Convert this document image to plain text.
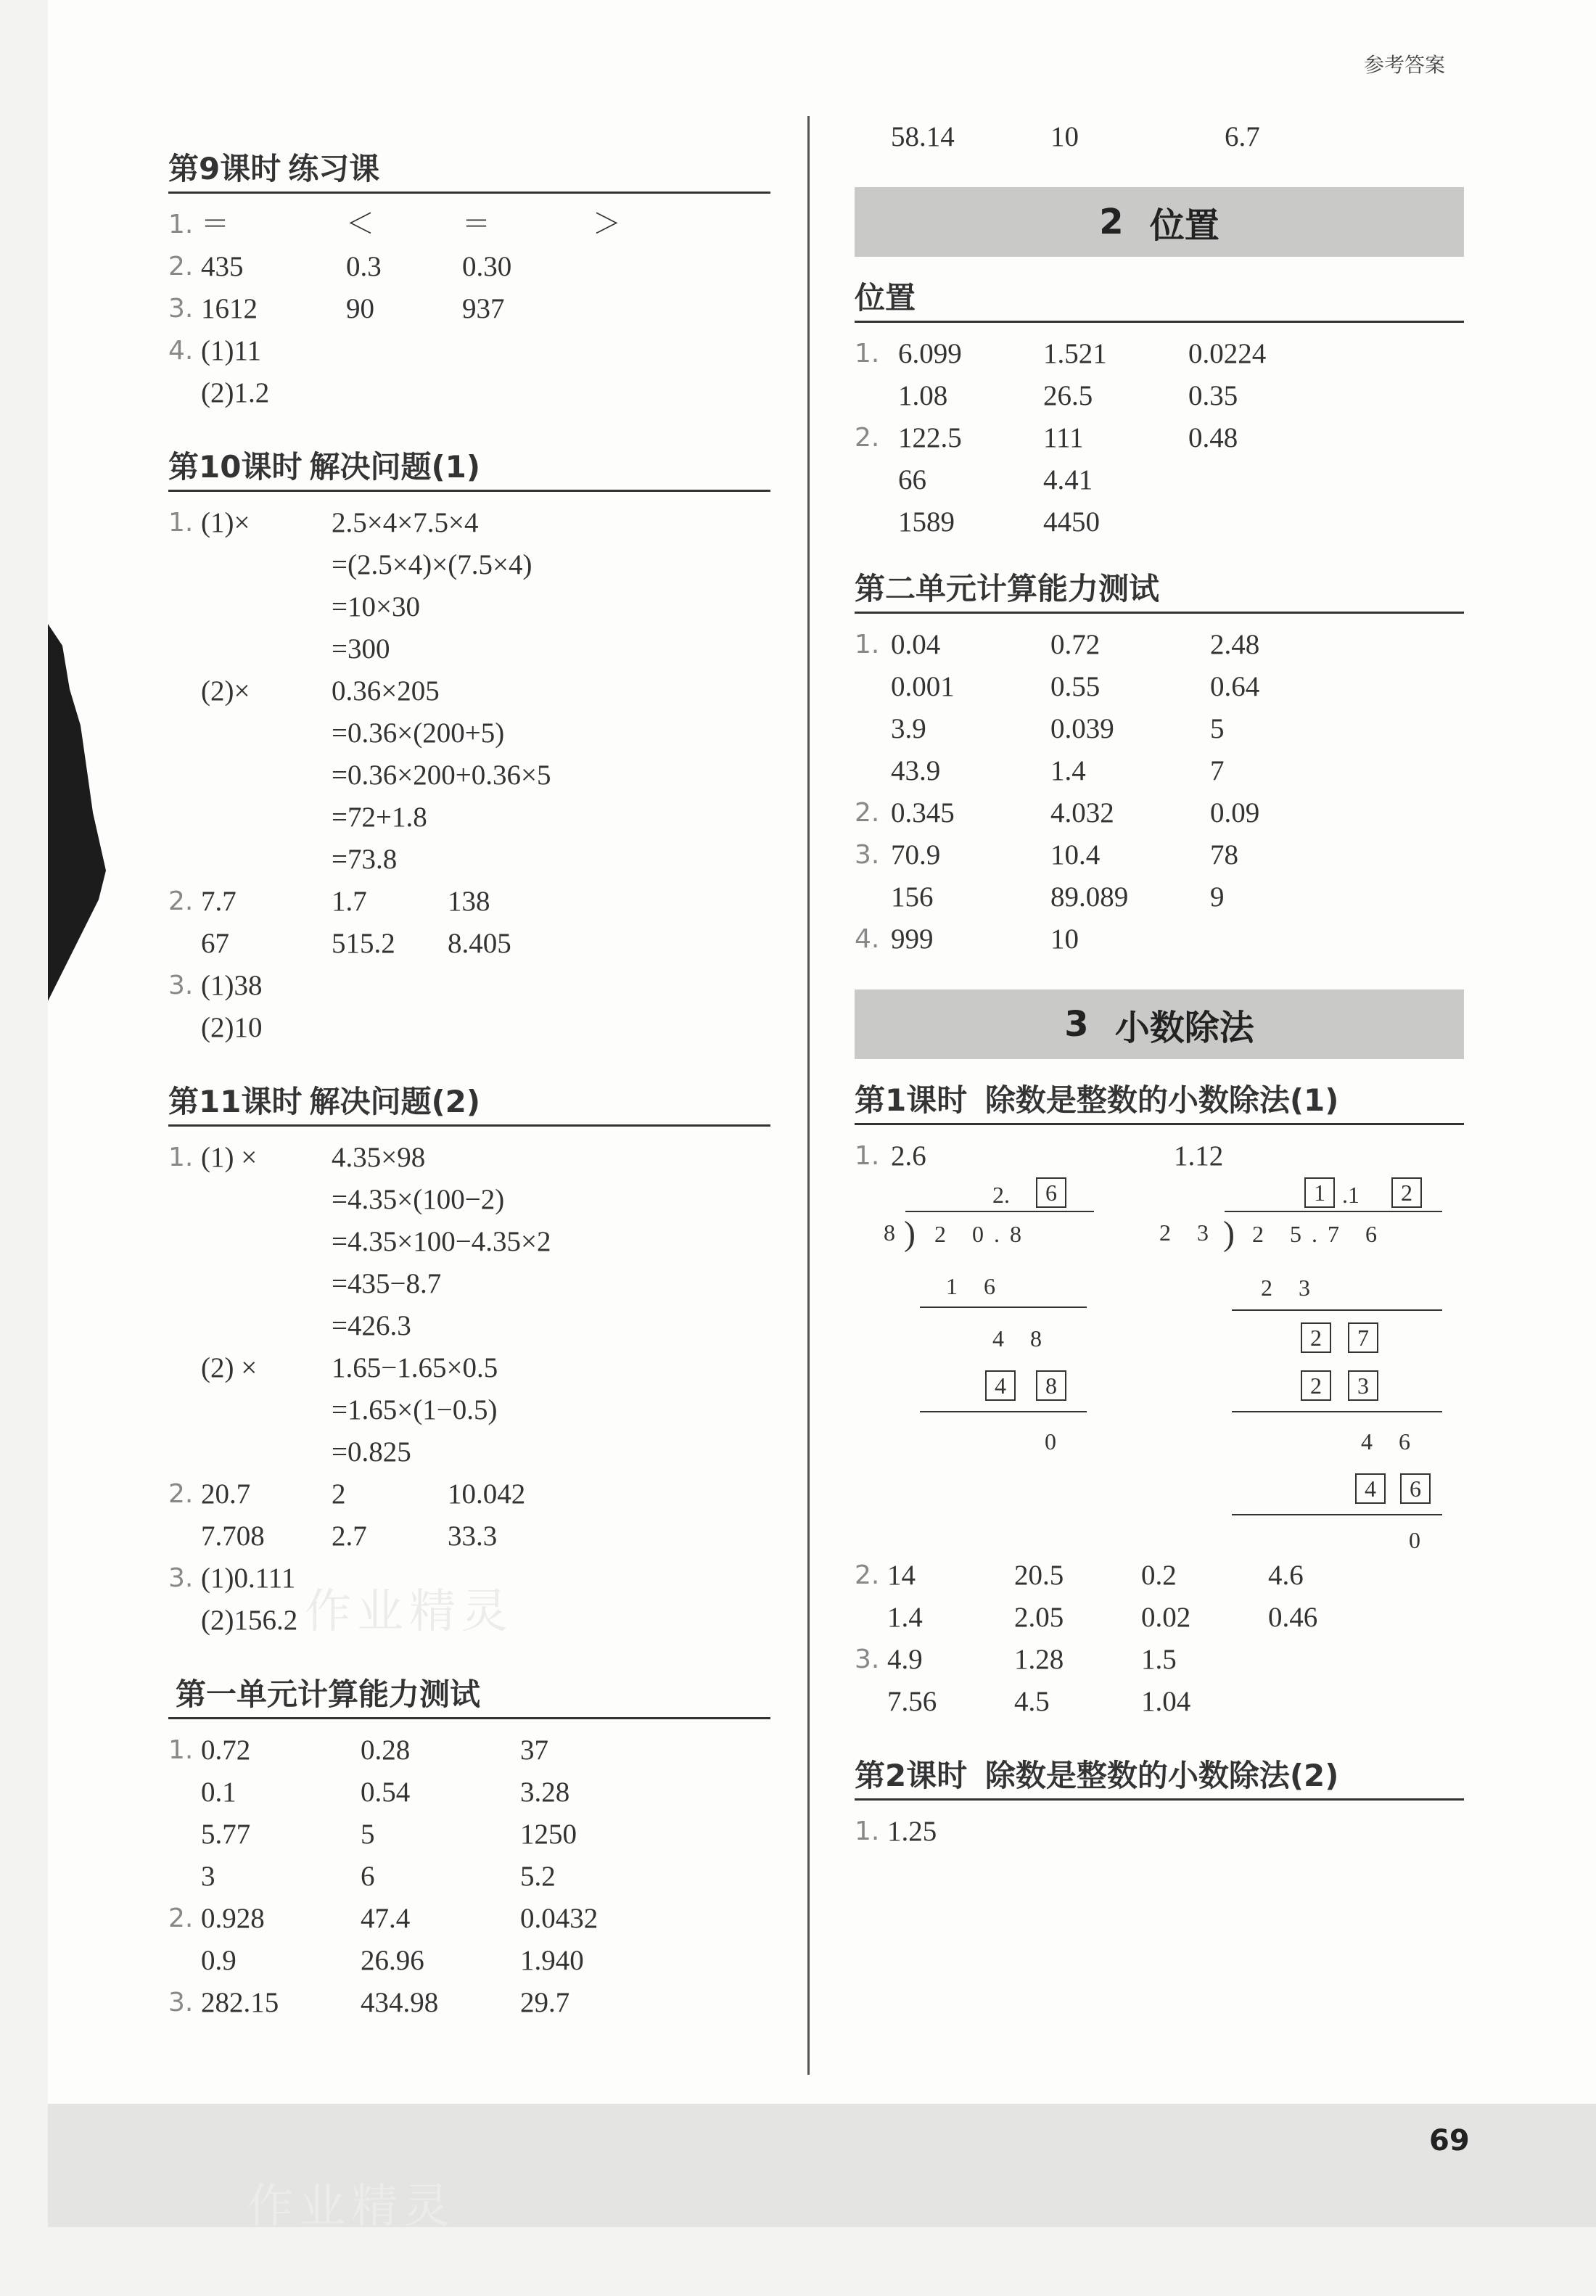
参考答案
作业精灵
第9课时 练习课
1. ＝	＜	＝	＞
2. 435	0.3	0.30
3. 1612	90	937
4. (1)11
(2)1.2
第10课时 解决问题(1)
1. (1)×	2.5×4×7.5×4
=(2.5×4)×(7.5×4)
=10×30
=300
(2)×	0.36×205
=0.36×(200+5)
=0.36×200+0.36×5
=72+1.8
=73.8
2. 7.7	1.7	138
67	515.2	8.405
3. (1)38
(2)10
第11课时 解决问题(2)
1. (1) ×	4.35×98
=4.35×(100−2)
=4.35×100−4.35×2
=435−8.7
=426.3
(2) ×	1.65−1.65×0.5
=1.65×(1−0.5)
=0.825
2. 20.7	2	10.042
7.708	2.7	33.3
3. (1)0.111
(2)156.2
第一单元计算能力测试
1. 0.72	0.28	37
0.1	0.54	3.28
5.77	5	1250
3	6	5.2
2. 0.928	47.4	0.0432
0.9	26.96	1.940
3. 282.15	434.98	29.7
58.14	10	6.7
2 位置
位置
1. 6.099	1.521	0.0224
1.08	26.5	0.35
2. 122.5	111	0.48
66	4.41
1589	4450
第二单元计算能力测试
1. 0.04	0.72	2.48
0.001	0.55	0.64
3.9	0.039	5
43.9	1.4	7
2. 0.345	4.032	0.09
3. 70.9	10.4	78
156	89.089	9
4. 999	10
3 小数除法
第1课时 除数是整数的小数除法(1)
1. 2.6	1.12
2.	6
8 ) 2 0.8
1 6
4 8
4	8
0
1 .1	2
2 3 ) 2 5.7 6
2 3
2	7
2	3
4 6
4	6
0
2. 14	20.5	0.2	4.6
1.4	2.05	0.02	0.46
3. 4.9	1.28	1.5
7.56	4.5	1.04
第2课时 除数是整数的小数除法(2)
1. 1.25
作业精灵
69
